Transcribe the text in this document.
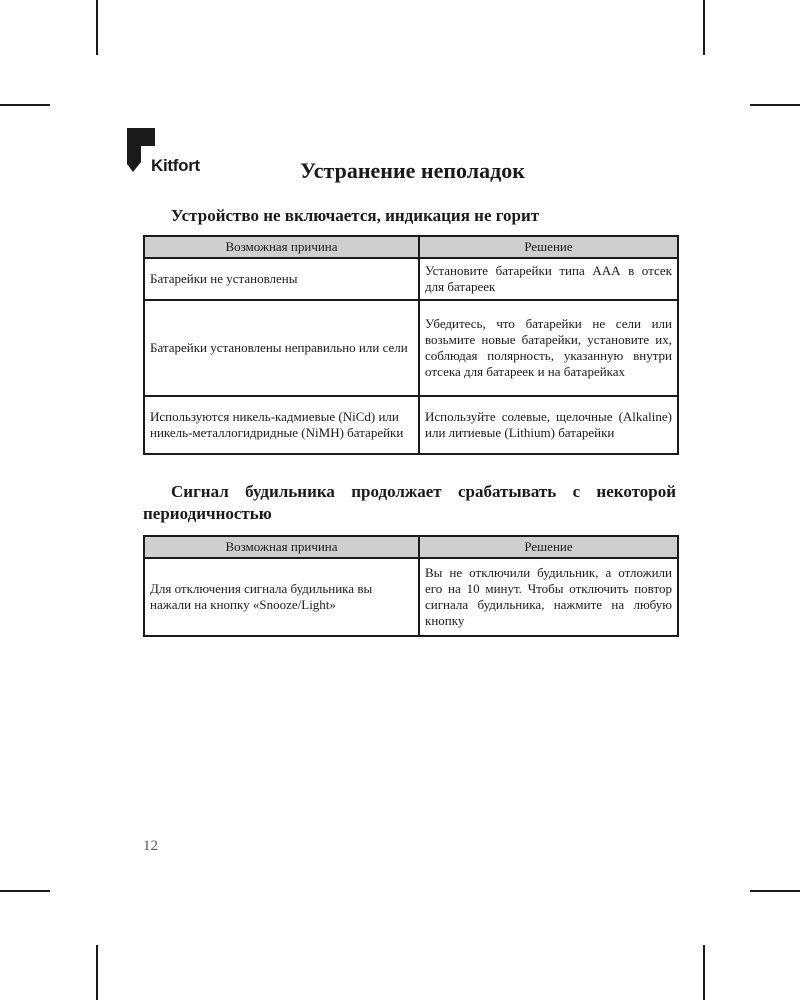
Kitfort	Устранение неполадок
Устройство не включается, индикация не горит
Возможная причина	Решение
Батарейки не установлены	Установите батарейки типа ААА в отсек для батареек
Батарейки установлены неправильно или сели	Убедитесь, что батарейки не сели или возьмите новые батарейки, установите их, соблюдая полярность, указанную внутри отсека для батареек и на батарейках
Используются никель-кадмиевые (NiCd) или никель-металлогидридные (NiMH) батарейки	Используйте солевые, щелочные (Alkaline) или литиевые (Lithium) батарейки
Сигнал будильника продолжает срабатывать с некоторой периодичностью
Возможная причина	Решение
Для отключения сигнала будильника вы нажали на кнопку «Snooze/Light»	Вы не отключили будильник, а отложили его на 10 минут. Чтобы отключить повтор сигнала будильника, нажмите на любую кнопку
12
